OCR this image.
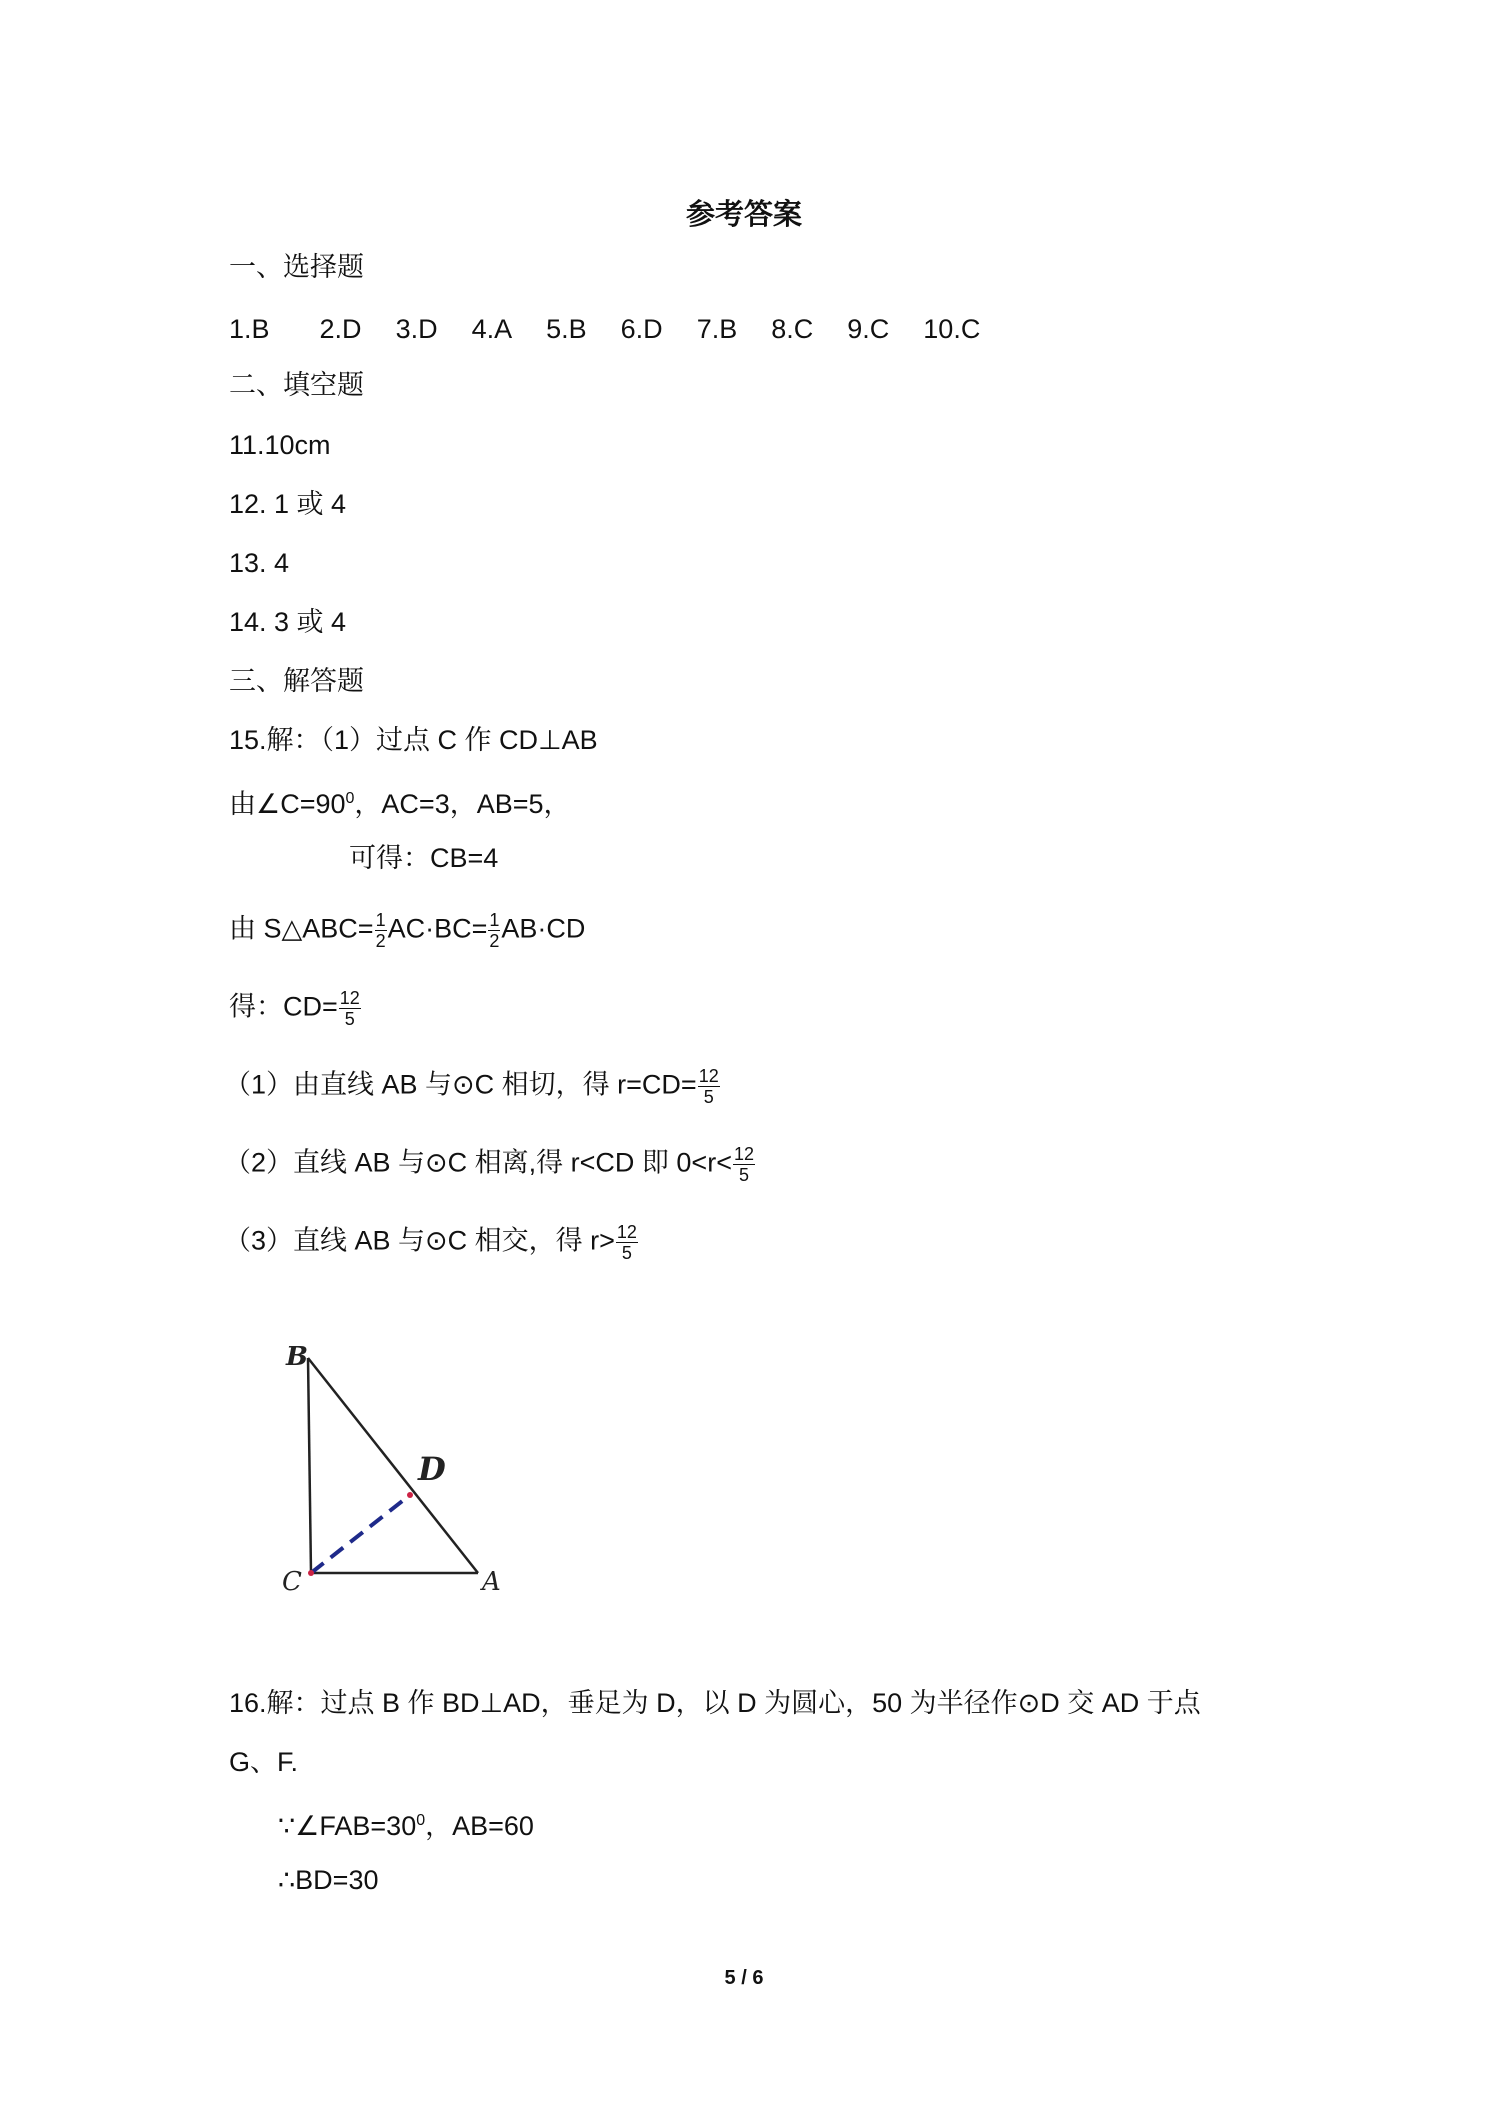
参考答案
一、选择题
1.B 2.D 3.D 4.A 5.B 6.D 7.B 8.C 9.C 10.C
二、填空题
11.10cm
12. 1 或 4
13. 4
14. 3 或 4
三、解答题
15.解：（1）过点 C 作 CD⊥AB
由$\angle C=90^0$，AC=3，AB=5，
可得：CB=4
由 S△ABC= $\frac{1}{2} AC\cdot BC= \frac{1}{2} AB\cdot CD$
得：$CD= \frac{12}{5}$
（1）由直线 AB 与⊙C 相切，得 $r=CD= \frac{12}{5}$
（2）直线 AB 与⊙C 相离,得 r<CD 即 $0<r< \frac{12}{5}$
（3）直线 AB 与⊙C 相交，得 $r> \frac{12}{5}$
B
D
C	A
16.解：过点 B 作 BD⊥AD，垂足为 D，以 D 为圆心，50 为半径作⊙D 交 AD 于点
G、F.
$\because\angle FAB=30^0$，AB=60
∴BD=30
5 / 6
